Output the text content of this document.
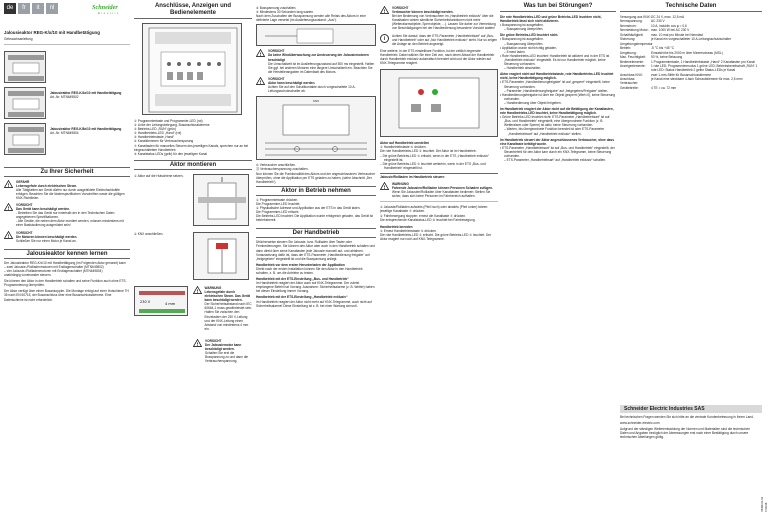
de	fr	it	nl	Schneider
Electric
Jalousieaktor REG-K/x/10 mit Handbetätigung
Gebrauchsanleitung
Jalousieaktor REG-K/4x/10 mit Handbetätigung
Art.-Nr. MTN649802
Jalousieaktor REG-K/8x/10 mit Handbetätigung
Art.-Nr. MTN649804
Zu Ihrer Sicherheit
!
GEFAHR
Lebensgefahr durch elektrischen Strom.
Alle Tätigkeiten am Gerät dürfen nur durch ausgebildete Elektrofachkräfte erfolgen. Beachten Sie die länderspezifischen Vorschriften sowie die gültigen KNX-Richtlinien.
!
VORSICHT
Das Gerät kann beschädigt werden.
- Betreiben Sie das Gerät nur innerhalb der in den Technischen Daten angegebenen Spezifikationen.
- Alle Geräte, die neben dem Aktor montiert werden, müssen mindestens mit einer Basisisolierung ausgerüstet sein!
!
VORSICHT
Die Motoren können beschädigt werden.
Schließen Sie nur einen Motor je Kanal an.
Jalousieaktor kennen lernen
Der Jalousieaktor REG-K/x/10 mit Handbetätigung (im Folgenden Aktor genannt) kann
– zwei Jalousie-/Rollladenmotoren mit Endlagenschalter (MTN649802)
– vier Jalousie-/Rollladenmotoren mit Endlagenschalter (MTN649804)
unabhängig voneinander steuern.
Sie können den Aktor in den Handbetrieb schalten und seine Funktion auch ohne ETS-Programmierung überprüfen.
Der Aktor verfügt über einen Busankoppler. Die Montage erfolgt auf einer Hutschiene TH 35 nach EN 60715, der Busanschluss über eine Busanschlussklemme. Eine Datenschiene ist nicht erforderlich.
Anschlüsse, Anzeigen und Bedienelemente
① Programmiertaste und Programmier-LED (rot)
② Linke der Leitungsbelegung, Busanschlussklemme
③ Betriebs-LED „RUN“ (grün)
④ Handbetriebs-LED „Hand“ (rot)
⑤ Handbetriebstaste „Hand“
⑥ Kanalklemmen für Verbrauchersparung
⑦ Kanaltasten für manuelles Steuern des jeweiligen Kanals, sprechen nur an bei eingeschaltetem Handbetrieb
⑧ Kanalstatus-LEDs (gelb) für den jeweiligen Kanal
Aktor montieren
① Aktor auf die Hutschiene setzen.
② KNX anschließen.
230 V	4 mm
!
WARNUNG
Lebensgefahr durch elektrischen Strom. Das Gerät kann beschädigt werden.
Der Sicherheitsabstand nach IEC 60664-1 muss gewährleistet sein. Halten Sie zwischen den Einzeladern der 230 V-Leitung und der KNX-Leitung einen Abstand von mindestens 4 mm ein.
!
VORSICHT
Der Jalousiemotor kann beschädigt werden.
Schalten Sie erst die Busspannung zu und dann die Verbraucherspannung.
⑧ Busspannung zuschalten.
⑨ Mindestens 30 Sekunden lang warten.
Nach dem Zuschalten der Busspannung werden alle Relais des Aktors in eine definierte Lage versetzt (im Auslieferungszustand: „Aus“).
!
VORSICHT
Da keine Windüberwachung zur Ansteuerung der Jalousiemotoren beschädigt
Die Umschaltzeit ist im Auslieferungszustand auf 500 ms eingestellt. Halten Sie ggf. bei anderen Motoren eine längere Umschaltzeit ein. Beachten Sie die Herstellerangaben im Datenblatt des Motors.
!
VORSICHT
Aktor kann beschädigt werden.
Achten Sie auf den Schaltkontakte durch vorgeschaltete 10 A-Leitungsschutzschalter ab.
KNX
⑩ Verbraucher anschließen.
⑪ Verbraucherspannung zuschalten.
Nun können Sie die Funktionalität des Aktors und der angeschlossenen Verbraucher überprüfen, ohne die Applikation per ETS geladen zu haben, (siehe Abschnitt „Der Handbetrieb“).
Aktor in Betrieb nehmen
① Programmiertaste drücken.
Die Programmier-LED leuchtet.
② Physikalische Adresse und Applikation aus der ETS in das Gerät laden.
Die Programmier-LED erlischt.
Die Betriebs-LED leuchtet: Die Applikation wurde erfolgreich geladen, das Gerät ist betriebsbereit.
Der Handbetrieb
Üblicherweise steuern Sie Jalousie- bzw. Rollladen über Taster oder Fernbedienungen. Sie können den Aktor aber auch in den Handbetrieb schalten und dann direkt über seine Kanaltasten jede Jalousie manuell auf- und abfahren. Voraussetzung dafür ist, dass der ETS-Parameter „Handbedienung freigabe“ auf „freigegeben“ eingestellt ist und die Busspannung anliegt.
Handbetrieb vor dem ersten Herunterladen der Applikation
Direkt nach der ersten Installation können Sie den Aktor in den Handbetrieb schalten, z. B. um die Antriebe zu testen.
Handbetrieb mit der ETS-Einstellung „Bus- und Handbetrieb“
Im Handbetrieb reagiert der Aktor auch auf KNX-Telegramme. Der zuletzt empfangene Befehl hat Vorrang. Ausnahme: Sicherheitsalarme (z. B. Wetter) haben bei dieser Einstellung immer Vorrang.
Handbetrieb mit der ETS-Einstellung „Handbetrieb exklusiv“
Im Handbetrieb reagiert der Aktor nicht mehr auf KNX-Telegramme, auch nicht auf Sicherheitsalarme! Diese Einstellung ist z. B. bei einer Wartung sinnvoll.
!
VORSICHT
Verbraucher können beschädigt werden.
Bei der Bedienung von Verbrauchern im „Handbetrieb exklusiv“ über die Kanaltasten wirken sämtliche Sicherheitsfunktionen nicht mehr (Wetteralarmobjekte, Sperrobjekte, ...). Lassen Sie daher zur Vermeidung von Beschädigungen bei der Handbedienung besondere Vorsicht walten!
i	Achten Sie darauf, dass der ETS-Parameter „Handbetriebsart“ auf „Bus- und Handbetrieb“ oder auf „Nur Handbetrieb exklusiv“ steht. Nur so zeigen die Anlage an den Betrieb angezeigt.
Eine weitere, in der ETS einstellbare Funktion, ist der zeitlich begrenzte Handbetrieb. Dabei wählen Sie eine Zeit von, nach deren Ablauf der Handbetrieb durch Handbetrieb exklusiv automatisch beendet wird und der Aktor wieder auf KNX-Telegramme reagiert.
Aktor auf Handbetrieb umstellen
① Handbetriebstaste ⑤ drücken.
Die rote Handbetriebs-LED ④ leuchtet. Der Aktor ist im Handbetrieb.
– Die grüne Betriebs-LED ③ erlischt, wenn in der ETS „Handbetrieb exklusiv“ eingestellt ist.
– Die grüne Betriebs-LED ③ leuchtet weiterhin, wenn in der ETS „Bus- und Handbetrieb“ eingestellt ist.
Jalousie/Rollladen im Handbetrieb steuern
!
WARNUNG
Fahrende Jalousien/Rollladen können Personen Schaden zufügen.
Wenn Sie Jalousien/Rollladen über Kanaltasten bedienen: Stellen Sie sicher, dass sich keine Personen im Fahrbereich aufhalten.
① Jalousie/Rollladen aufwärts (Pfeil hoch) oder abwärts (Pfeil runter) fahren: jeweilige Kanaltaste ⑦ drücken.
② Fahrbewegung stoppen: erneut die Kanaltaste ⑦ drücken.
Die entsprechende Kanalstatus-LED ⑧ leuchtet bei Fahrbewegung.
Handbetrieb beenden
① Erneut Handbetriebstaste ⑤ drücken.
Die rote Handbetriebs-LED ④ erlischt. Die grüne Betriebs-LED ③ leuchtet. Der Aktor reagiert nur noch auf KNX-Telegramme.
Was tun bei Störungen?
Die rote Handbetriebs-LED und grüne Betriebs-LED leuchten nicht, Handbetrieb lässt sich nicht aktivieren.
• Busspannung ist ausgefallen.
– Busspannung überprüfen.
Die grüne Betriebs-LED leuchtet nicht.
• Busspannung ist ausgefallen.
– Busspannung überprüfen.
• Applikation wurde nicht richtig geladen.
– Erneut laden
• Rote Handbetriebs-LED leuchtet: Handbetrieb ist aktiviert und in der ETS ist „Handbetrieb exklusiv“ eingestellt. Es ist nur Handbetrieb möglich, keine Steuerung vorhanden.
– Handbetrieb abschalten.
Aktor reagiert nicht auf Handbetriebstaste, rote Handbetriebs-LED leuchtet nicht, keine Handbetätigung möglich.
• ETS-Parameter „Handbedienungfreigabe“ ist auf „gesperrt“ eingestellt, keine Steuerung vorhanden.
– Parameter „Handbedienungfreigabe“ auf „freigegeben/Freigabe“ stellen.
• Handbedienungsfreigabe ist über ein Objekt gesperrt (Wert=0), keine Steuerung vorhanden.
– Handbedienung über Objekt freigeben.
Im Handbetrieb reagiert der Aktor nicht auf die Betätigung der Kanaltasten, rote Handbetriebs-LED leuchtet, keine Handbetätigung möglich.
• Grüne Betriebs-LED leuchtet nicht: ETS-Parameter „Handbetriebsart“ ist auf „Bus- und Handbetrieb“ eingestellt, eine übergeordnete Funktion (z. B. Wetteralarm oder Sperre) ist aktiv, keine Steuerung vorhanden.
– Warten, bis übergeordnete Funktion beendet ist oder ETS-Parameter „Handbetriebsart“ auf „Handbetrieb exklusiv“ stellen.
Im Handbetrieb steuert der Aktor angeschlossenes Verbraucher, ohne dass eine Kanaltaste betätigt wurde.
• ETS-Parameter „Handbetriebsart“ ist auf „Bus- und Handbetrieb“ eingestellt, der Steuerbefehl für den Aktor kam durch ein KNX-Telegramm, keine Steuerung vorhanden.
– ETS-Parameter „Handbetriebsart“ auf „Handbetrieb exklusiv“ schalten.
Technische Daten
Versorgung aus KNX: DC 24 V, max. 12,5 mA
Nennspannung:	AC 230 V
Nennstrom:	10 A, induktiv cos φ = 0,6
Nennleistung Motor: max. 1000 W bei AC 230 V
Schalthäufigkeit:	max. 10 mal pro Minute bei Nennlast
Sicherung:	je Kanal ein vorgeschalteter 10 A-Leitungsschutzschalter
Umgebungstemperatur
Betrieb:	-5 °C bis +45 °C
Umgebung:	Einsatzhöhe bis 2000 m über Meeresniveau (MSL)
Max. Feuchtigkeit:	93 %, keine Betauung
Bedienelemente:	1 Programmiertaste, 1 Handbetriebstaste „Hand“ 2 Kanaltasten pro Kanal
Anzeigeelemente:	1 rote LED: Programmiermodus 1 grüne LED: Betriebsbereitschaft „RUN“ 1 rote LED: Status Handbetrieb 2 gelbe Status-LEDs je Kanal
Anschluss KNX:	zwei 1-mm-Stifte für Busanschlussklemme
Anschluss Verbraucher:
je Kanal eine steckbare 4-fach Schraubklemme für max. 2,5 mm²
Gerätebreite:	4 TE = ca. 72 mm
Schneider Electric Industries SAS
Bei technischen Fragen wenden Sie sich bitte an die zentrale Kundenbetreuung in Ihrem Land.
www.schneider-electric.com
Aufgrund der ständigen Weiterentwicklung der Normen und Materialien sind die technischen Daten und Angaben bezüglich der Abmessungen erst nach einer Bestätigung durch unsere technischen Abteilungen gültig.
V6498-00-04 07/2018
